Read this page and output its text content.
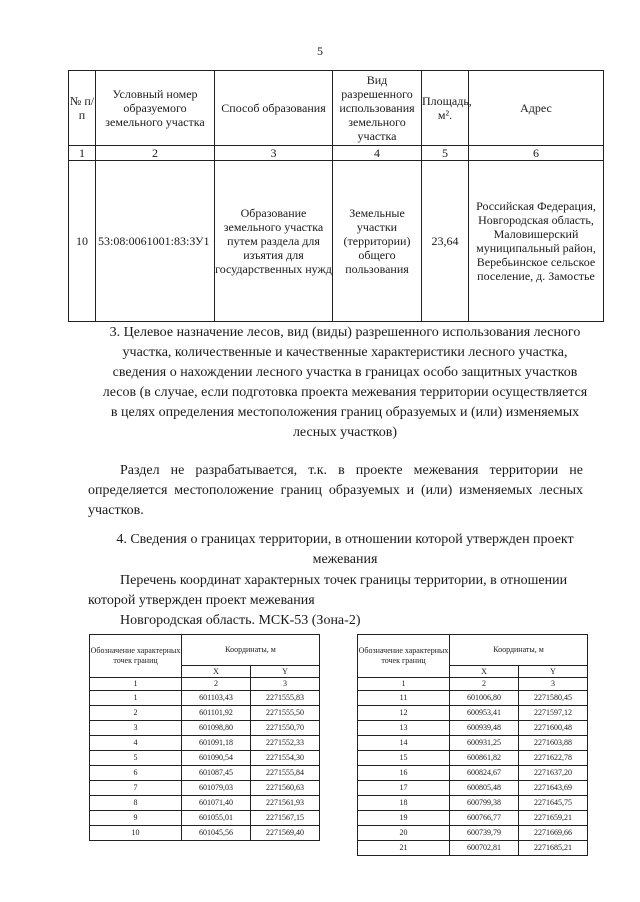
5
№ п/п	Условный номер образуемого земельного участка	Способ образования	Вид разрешенного использования земельного участка	Площадь, м².	Адрес
1	2	3	4	5	6
10	53:08:0061001:83:ЗУ1	Образование земельного участка путем раздела для изъятия для государственных нужд	Земельные участки (территории) общего пользования	23,64	Российская Федерация, Новгородская область, Маловишерский муниципальный район, Веребьинское сельское поселение, д. Замостье
3. Целевое назначение лесов, вид (виды) разрешенного использования лесного участка, количественные и качественные характеристики лесного участка, сведения о нахождении лесного участка в границах особо защитных участков лесов (в случае, если подготовка проекта межевания территории осуществляется в целях определения местоположения границ образуемых и (или) изменяемых лесных участков)
Раздел не разрабатывается, т.к. в проекте межевания территории не определяется местоположение границ образуемых и (или) изменяемых лесных участков.
4. Сведения о границах территории, в отношении которой утвержден проект межевания
Перечень координат характерных точек границы территории, в отношении которой утвержден проект межевания
Новгородская область. МСК-53 (Зона-2)
Обозначение характерных точек границ	Координаты, м	
	X	Y
1	2	3
1	601103,43	2271555,83
2	601101,92	2271555,50
3	601098,80	2271550,70
4	601091,18	2271552,33
5	601090,54	2271554,30
6	601087,45	2271555,84
7	601079,03	2271560,63
8	601071,40	2271561,93
9	601055,01	2271567,15
10	601045,56	2271569,40
Обозначение характерных точек границ	Координаты, м	
	X	Y
1	2	3
11	601006,80	2271580,45
12	600953,41	2271597,12
13	600939,48	2271600,48
14	600931,25	2271603,88
15	600861,82	2271622,78
16	600824,67	2271637,20
17	600805,48	2271643,69
18	600799,38	2271645,75
19	600766,77	2271659,21
20	600739,79	2271669,66
21	600702,81	2271685,21
